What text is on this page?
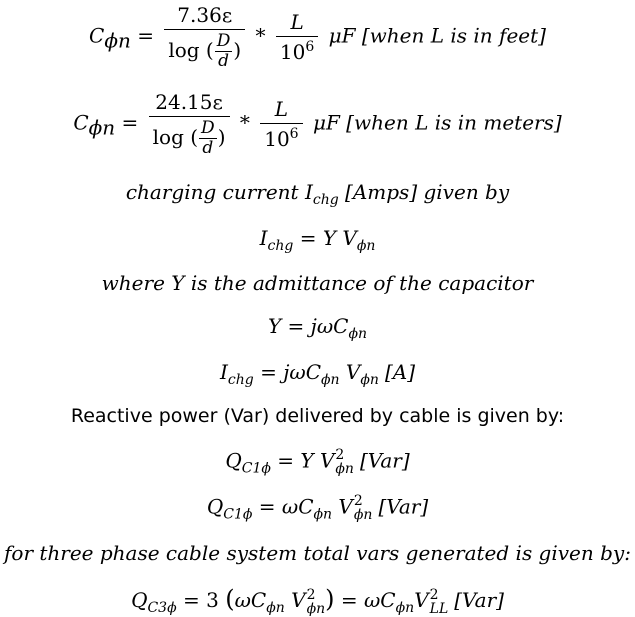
$C_{\phi n} = \frac{7.36\varepsilon}{\log ( \frac{D}{d} )} * \frac{L}{10^6}$ μF [when L is in feet]
$C_{\phi n} = \frac{24.15\varepsilon}{\log ( \frac{D}{d} )} * \frac{L}{10^6}$ μF [when L is in meters]
charging current $I_{chg}$ [Amps] given by
$I_{chg} = Y$ $V_{\phi n}$
where Y is the admittance of the capacitor
Y = jωC$_{\phi n}$
$I_{chg} = j\omega C_{\phi n}$ $V_{\phi n}$ [A]
Reactive power (Var) delivered by cable is given by:
$Q_{C1\phi} = Y$ V 2
ϕn [Var]
$Q_{C1\phi} = \omega C_{\phi n}$ V 2
ϕn [Var]
for three phase cable system total vars generated is given by:
$Q_{C3\phi} = 3$ ($\omega C_{\phi n}$ V 2
ϕn ) = $\omega C_{\phi n}V$ 2
LL [Var]
